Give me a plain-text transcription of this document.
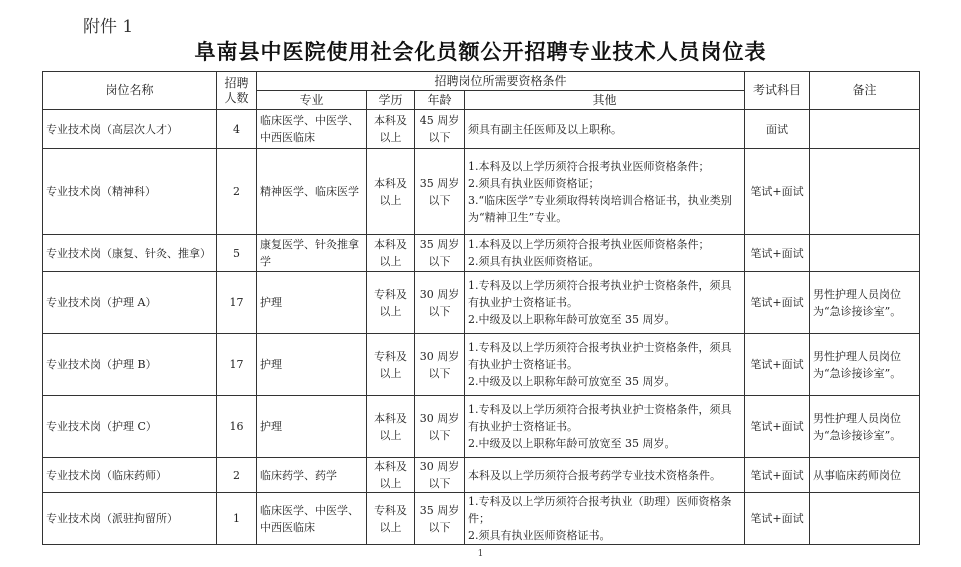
附件 1
阜南县中医院使用社会化员额公开招聘专业技术人员岗位表
岗位名称	招聘人数	招聘岗位所需要资格条件				考试科目	备注
		专业	学历	年龄	其他		
专业技术岗（高层次人才）	4	临床医学、中医学、中西医临床	本科及以上	45 周岁以下	须具有副主任医师及以上职称。	面试	
专业技术岗（精神科）	2	精神医学、临床医学	本科及以上	35 周岁以下	1.本科及以上学历须符合报考执业医师资格条件；
2.须具有执业医师资格证；
3.“临床医学”专业须取得转岗培训合格证书，执业类别为“精神卫生”专业。	笔试+面试	
专业技术岗（康复、针灸、推拿）	5	康复医学、针灸推拿学	本科及以上	35 周岁以下	1.本科及以上学历须符合报考执业医师资格条件；
2.须具有执业医师资格证。	笔试+面试	
专业技术岗（护理 A）	17	护理	专科及以上	30 周岁以下	1.专科及以上学历须符合报考执业护士资格条件，须具有执业护士资格证书。
2.中级及以上职称年龄可放宽至 35 周岁。	笔试+面试	男性护理人员岗位为“急诊接诊室”。
专业技术岗（护理 B）	17	护理	专科及以上	30 周岁以下	1.专科及以上学历须符合报考执业护士资格条件，须具有执业护士资格证书。
2.中级及以上职称年龄可放宽至 35 周岁。	笔试+面试	男性护理人员岗位为“急诊接诊室”。
专业技术岗（护理 C）	16	护理	本科及以上	30 周岁以下	1.专科及以上学历须符合报考执业护士资格条件，须具有执业护士资格证书。
2.中级及以上职称年龄可放宽至 35 周岁。	笔试+面试	男性护理人员岗位为“急诊接诊室”。
专业技术岗（临床药师）	2	临床药学、药学	本科及以上	30 周岁以下	本科及以上学历须符合报考药学专业技术资格条件。	笔试+面试	从事临床药师岗位
专业技术岗（派驻拘留所）	1	临床医学、中医学、中西医临床	专科及以上	35 周岁以下	1.专科及以上学历须符合报考执业（助理）医师资格条件；
2.须具有执业医师资格证书。	笔试+面试	
1
